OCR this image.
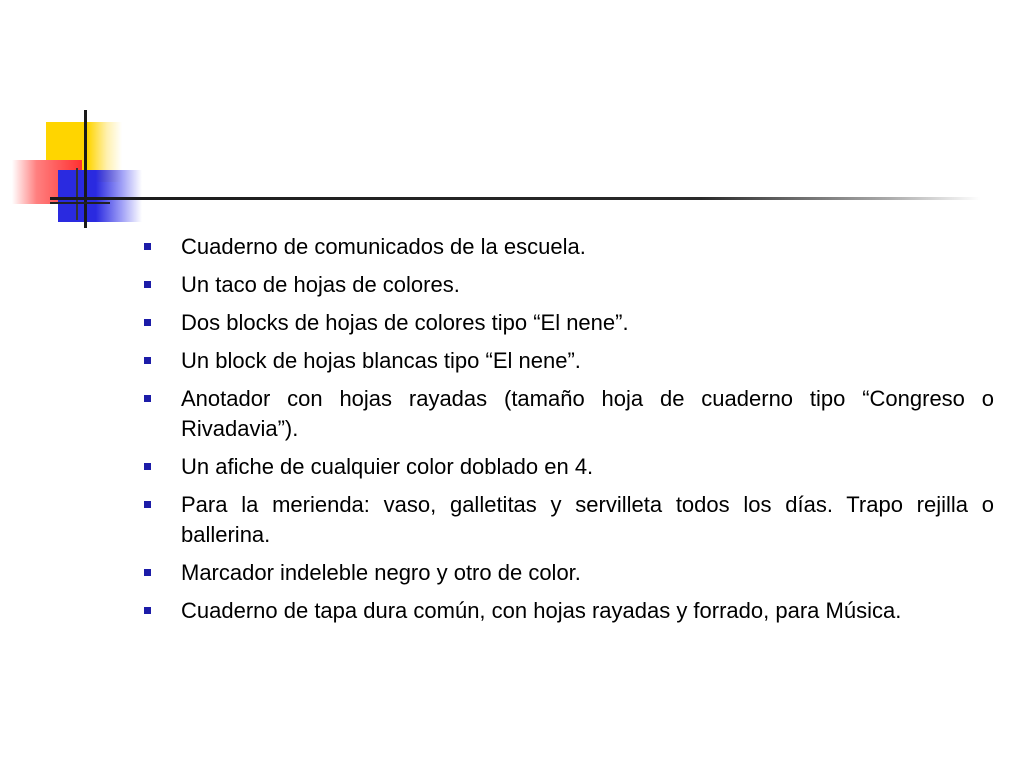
Cuaderno de comunicados de la escuela.
Un taco de hojas de colores.
Dos blocks de hojas de colores tipo “El nene”.
Un block de hojas blancas tipo “El nene”.
Anotador con hojas rayadas (tamaño hoja de cuaderno tipo “Congreso o Rivadavia”).
Un afiche de cualquier color doblado en 4.
Para la merienda: vaso, galletitas y servilleta todos los días. Trapo rejilla o ballerina.
Marcador indeleble negro y otro de color.
Cuaderno de tapa dura común, con hojas rayadas y forrado, para Música.
